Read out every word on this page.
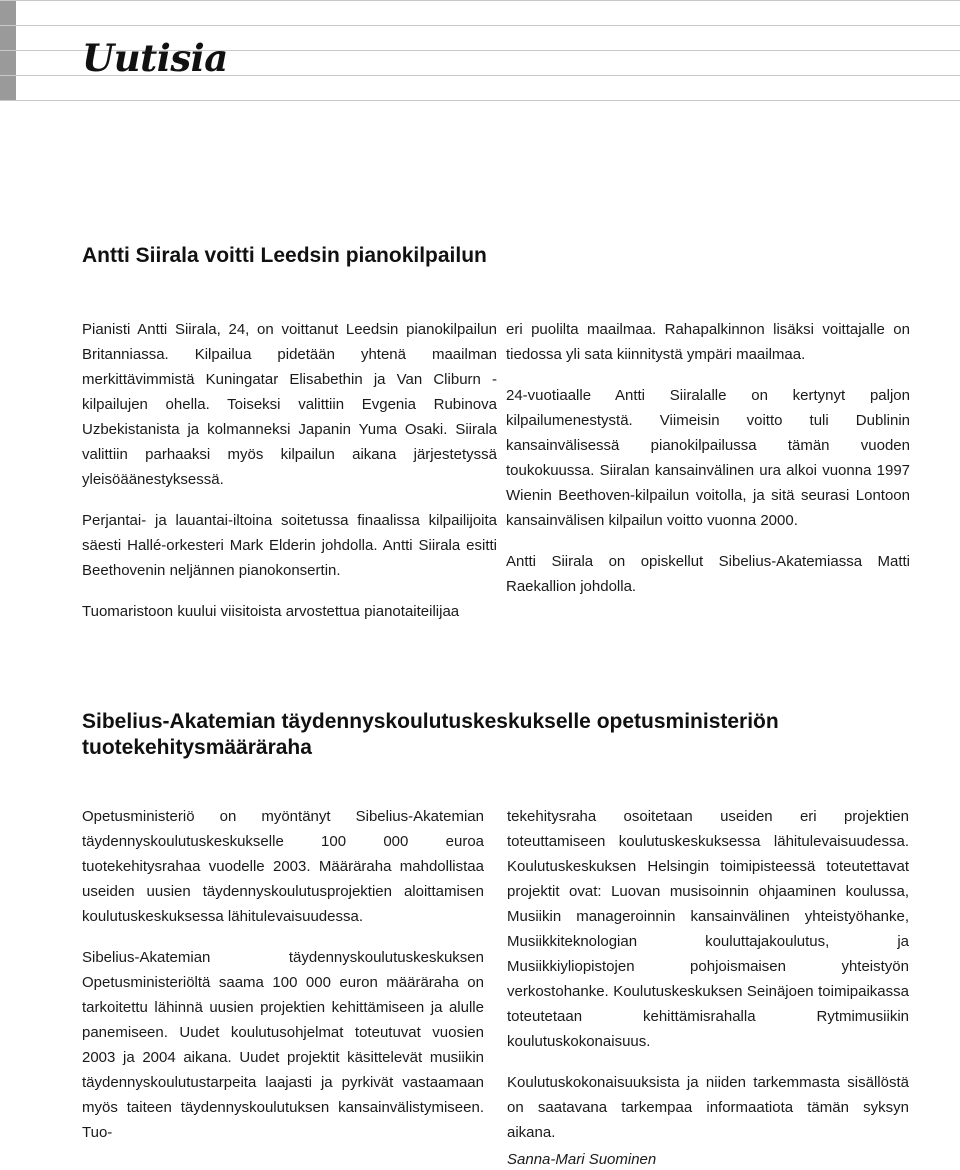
Uutisia
Antti Siirala voitti Leedsin pianokilpailun

Pianisti Antti Siirala, 24, on voittanut Leedsin pianokilpailun Britanniassa. Kilpailua pidetään yhtenä maailman merkittävimmistä Kuningatar Elisabethin ja Van Cliburn -kilpailujen ohella. Toiseksi valittiin Evgenia Rubinova Uzbekistanista ja kolmanneksi Japanin Yuma Osaki. Siirala valittiin parhaaksi myös kilpailun aikana järjestetyssä yleisöäänestyksessä.

Perjantai- ja lauantai-iltoina soitetussa finaalissa kilpailijoita säesti Hallé-orkesteri Mark Elderin johdolla. Antti Siirala esitti Beethovenin neljännen pianokonsertin.

Tuomaristoon kuului viisitoista arvostettua pianotaiteilijaa

eri puolilta maailmaa. Rahapalkinnon lisäksi voittajalle on tiedossa yli sata kiinnitystä ympäri maailmaa.

24-vuotiaalle Antti Siiralalle on kertynyt paljon kilpailumenestystä. Viimeisin voitto tuli Dublinin kansainvälisessä pianokilpailussa tämän vuoden toukokuussa. Siiralan kansainvälinen ura alkoi vuonna 1997 Wienin Beethoven-kilpailun voitolla, ja sitä seurasi Lontoon kansainvälisen kilpailun voitto vuonna 2000.

Antti Siirala on opiskellut Sibelius-Akatemiassa Matti Raekallion johdolla.

Sibelius-Akatemian täydennyskoulutuskeskukselle opetusministeriön tuotekehitysmääräraha

Opetusministeriö on myöntänyt Sibelius-Akatemian täydennyskoulutuskeskukselle 100 000 euroa tuotekehitysrahaa vuodelle 2003. Määräraha mahdollistaa useiden uusien täydennyskoulutusprojektien aloittamisen koulutuskeskuksessa lähitulevaisuudessa.

Sibelius-Akatemian täydennyskoulutuskeskuksen Opetusministeriöltä saama 100 000 euron määräraha on tarkoitettu lähinnä uusien projektien kehittämiseen ja alulle panemiseen. Uudet koulutusohjelmat toteutuvat vuosien 2003 ja 2004 aikana. Uudet projektit käsittelevät musiikin täydennyskoulutustarpeita laajasti ja pyrkivät vastaamaan myös taiteen täydennyskoulutuksen kansainvälistymiseen. Tuo-

tekehitysraha osoitetaan useiden eri projektien toteuttamiseen koulutuskeskuksessa lähitulevaisuudessa. Koulutuskeskuksen Helsingin toimipisteessä toteutettavat projektit ovat: Luovan musisoinnin ohjaaminen koulussa, Musiikin manageroinnin kansainvälinen yhteistyöhanke, Musiikkiteknologian kouluttajakoulutus, ja Musiikkiyliopistojen pohjoismaisen yhteistyön verkostohanke. Koulutuskeskuksen Seinäjoen toimipaikassa toteutetaan kehittämisrahalla Rytmimusiikin koulutuskokonaisuus.

Koulutuskokonaisuuksista ja niiden tarkemmasta sisällöstä on saatavana tarkempaa informaatiota tämän syksyn aikana.

Sanna-Mari Suominen
